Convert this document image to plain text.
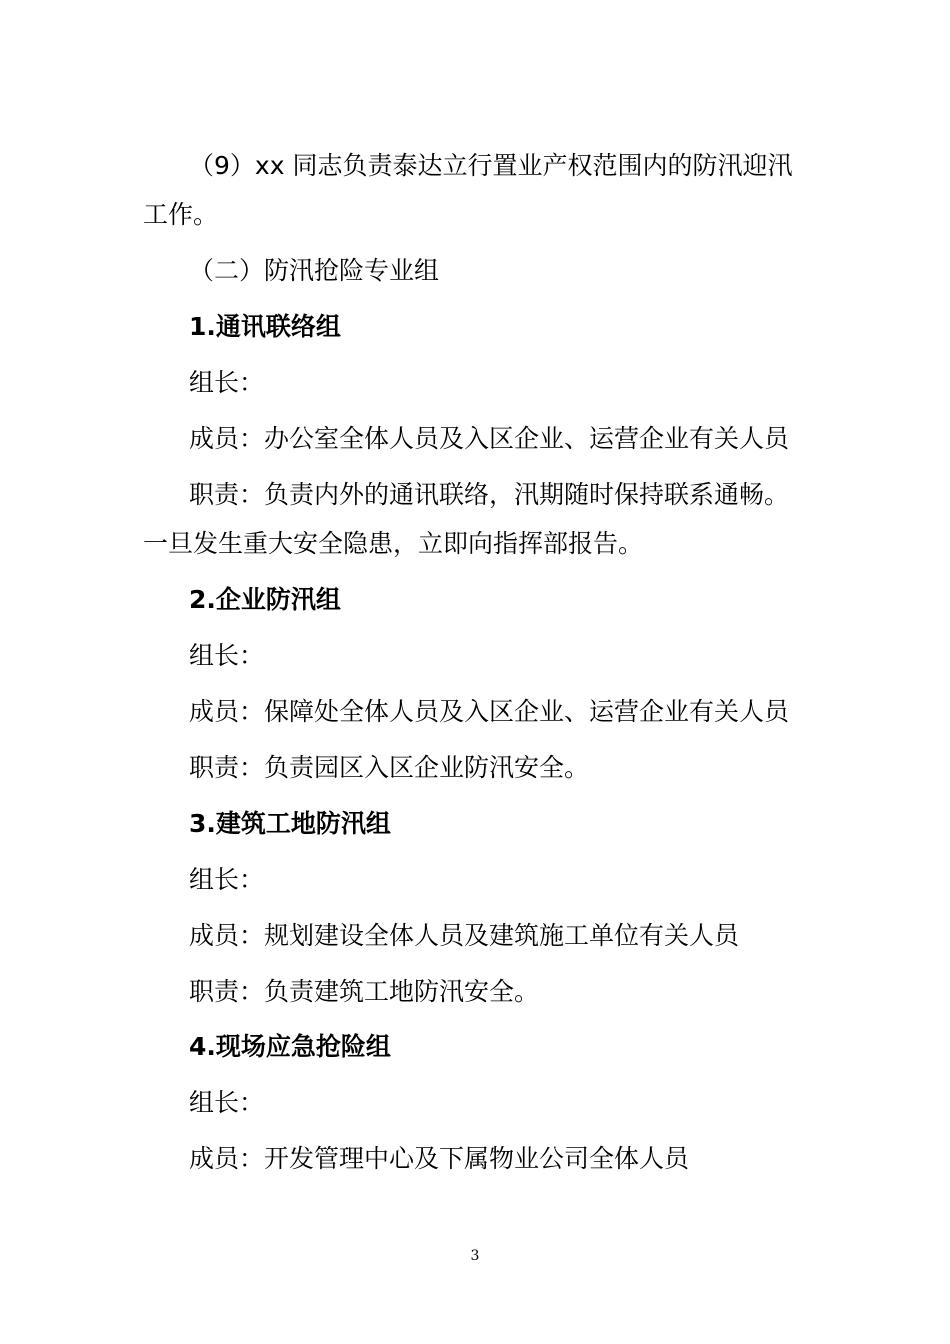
（9）xx 同志负责泰达立行置业产权范围内的防汛迎汛
工作。
（二）防汛抢险专业组
1.通讯联络组
组长：
成员：办公室全体人员及入区企业、运营企业有关人员
职责：负责内外的通讯联络，汛期随时保持联系通畅。
一旦发生重大安全隐患，立即向指挥部报告。
2.企业防汛组
组长：
成员：保障处全体人员及入区企业、运营企业有关人员
职责：负责园区入区企业防汛安全。
3.建筑工地防汛组
组长：
成员：规划建设全体人员及建筑施工单位有关人员
职责：负责建筑工地防汛安全。
4.现场应急抢险组
组长：
成员：开发管理中心及下属物业公司全体人员
3
